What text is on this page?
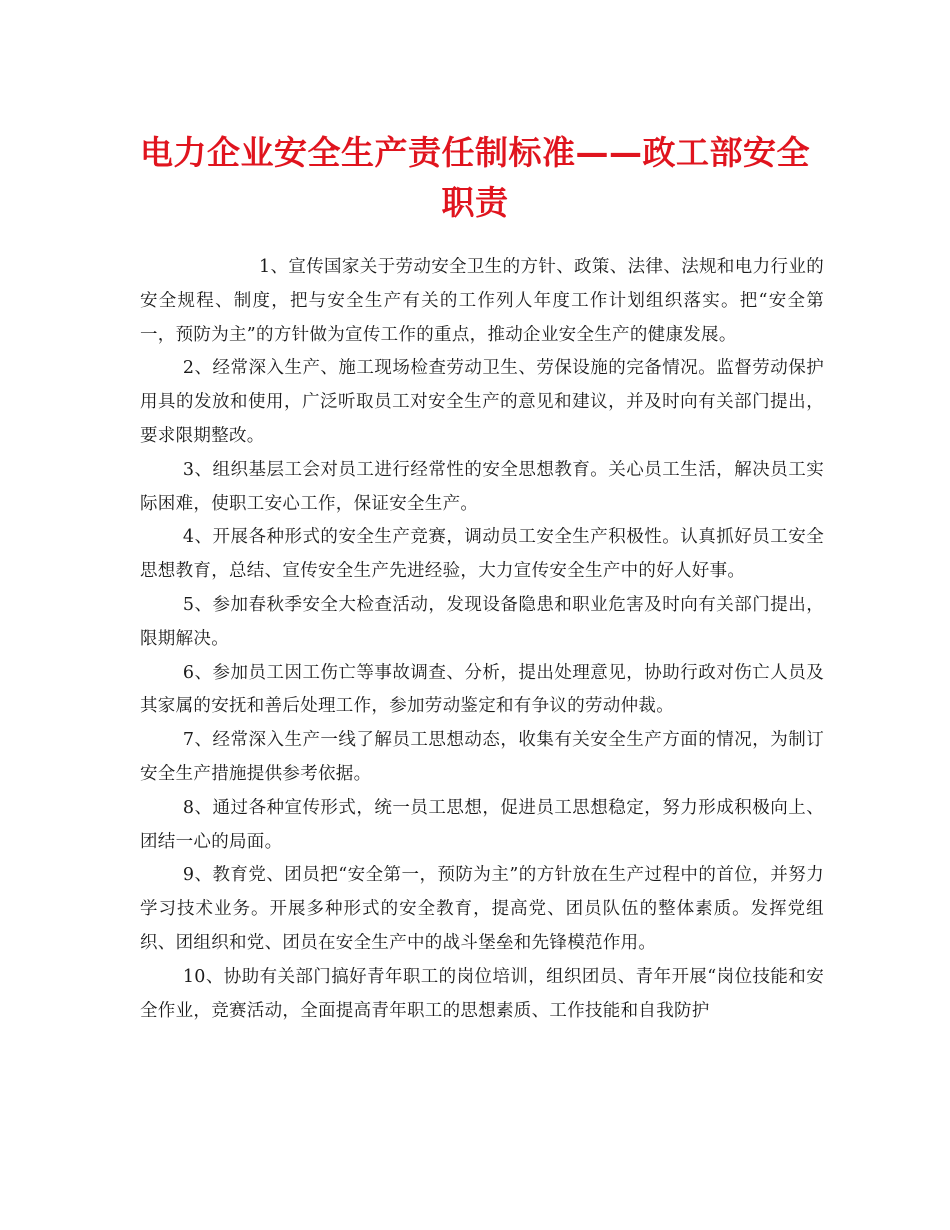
电力企业安全生产责任制标准——政工部安全职责

1、宣传国家关于劳动安全卫生的方针、政策、法律、法规和电力行业的安全规程、制度，把与安全生产有关的工作列人年度工作计划组织落实。把“安全第一，预防为主”的方针做为宣传工作的重点，推动企业安全生产的健康发展。

2、经常深入生产、施工现场检查劳动卫生、劳保设施的完备情况。监督劳动保护用具的发放和使用，广泛听取员工对安全生产的意见和建议，并及时向有关部门提出，要求限期整改。

3、组织基层工会对员工进行经常性的安全思想教育。关心员工生活，解决员工实际困难，使职工安心工作，保证安全生产。

4、开展各种形式的安全生产竞赛，调动员工安全生产积极性。认真抓好员工安全思想教育，总结、宣传安全生产先进经验，大力宣传安全生产中的好人好事。

5、参加春秋季安全大检查活动，发现设备隐患和职业危害及时向有关部门提出，限期解决。

6、参加员工因工伤亡等事故调查、分析，提出处理意见，协助行政对伤亡人员及其家属的安抚和善后处理工作，参加劳动鉴定和有争议的劳动仲裁。

7、经常深入生产一线了解员工思想动态，收集有关安全生产方面的情况，为制订安全生产措施提供参考依据。

8、通过各种宣传形式，统一员工思想，促进员工思想稳定，努力形成积极向上、团结一心的局面。

9、教育党、团员把“安全第一，预防为主”的方针放在生产过程中的首位，并努力学习技术业务。开展多种形式的安全教育，提高党、团员队伍的整体素质。发挥党组织、团组织和党、团员在安全生产中的战斗堡垒和先锋模范作用。

10、协助有关部门搞好青年职工的岗位培训，组织团员、青年开展“岗位技能和安全作业，竞赛活动，全面提高青年职工的思想素质、工作技能和自我防护
